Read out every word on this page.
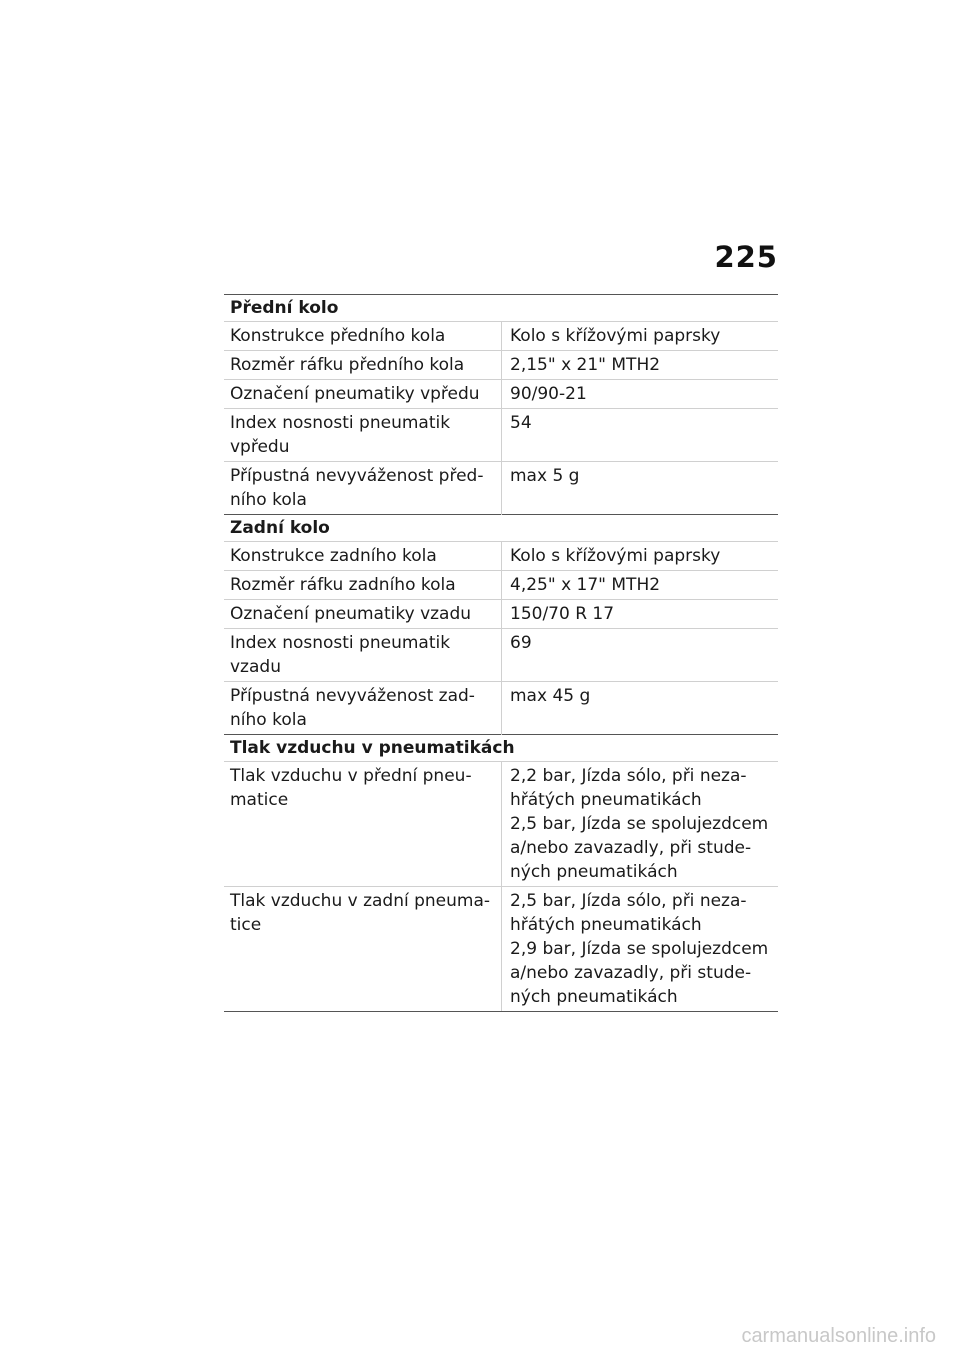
225
Přední kolo	
Konstrukce předního kola	Kolo s křížovými paprsky

Rozměr ráfku předního kola	2,15" x 21" MTH2

Označení pneumatiky vpředu	90/90-21

Index nosnosti pneumatik vpředu	54

Přípustná nevyváženost před-ního kola	max 5 g

Zadní kolo	
Konstrukce zadního kola	Kolo s křížovými paprsky

Rozměr ráfku zadního kola	4,25" x 17" MTH2

Označení pneumatiky vzadu	150/70 R 17

Index nosnosti pneumatik vzadu	69

Přípustná nevyváženost zad-ního kola	max 45 g

Tlak vzduchu v pneumatikách	
Tlak vzduchu v přední pneu-matice	2,2 bar, Jízda sólo, při neza-hřátých pneumatikách
2,5 bar, Jízda se spolujezdcem a/nebo zavazadly, při stude-ných pneumatikách

Tlak vzduchu v zadní pneuma-tice	2,5 bar, Jízda sólo, při neza-hřátých pneumatikách
2,9 bar, Jízda se spolujezdcem a/nebo zavazadly, při stude-ných pneumatikách
carmanualsonline.info
